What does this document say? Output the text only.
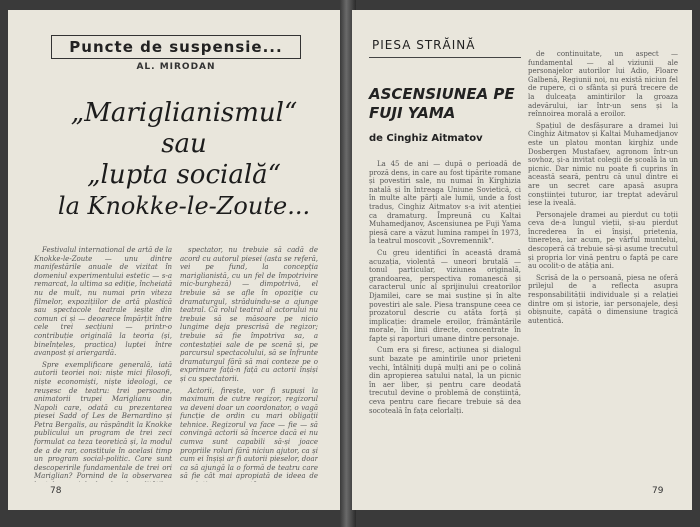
Puncte de suspensie...
AL. MIRODAN
„Mariglianismul“
sau
„lupta socială“
la Knokke-le-Zoute...

Festivalul international de artă de la Knokke-le-Zoute — unu dintre manifestările anuale de vizitat în domeniul experimentului estetic — s-a remarcat, la ultima sa ediție, încheiată nu de mult, nu numai prin viteza filmelor, expozițiilor de artă plastică sau spectacole teatrale ieșite din comun ci și — deoarece împărțit între cele trei secțiuni — printr-o contribuție originală la teoria (și, bineînțeles, practica) luptei între avanpost și ariergardă.

Spre exemplificare generală, iată autorii teoriei noi: niște mici filosofi, niște economiști, niște ideologi, ce reușesc de teatru: trei persoane, animatorii trupei Mariglianu din Napoli care, odată cu prezentarea piesei Sadd of Les de Bernardino și Petra Bergalis, au răspândit la Knokke publicului un program de trei zeci formulat ca teza teoretică și, la modul de a de rar, constituie în acelasi timp un program social-politic. Care sunt descoperirile fundamentale de trei ori Mariglian? Pornind de la observarea

spectator, nu trebuie să cadă de acord cu autorul piesei (asta se referă, vei pe fund, la concepția mariglianistă, cu un fel de împotrivire mic-burgheză) — dimpotrivă, el trebuie să se afle în opoziție cu dramaturgul, străduindu-se a ajunge teatral. Că rolul teatral al actorului nu trebuie să se măsoare pe nicio lungime deja prescrisă de regizor; trebuie să fie împotriva sa, a contestației sale de pe scenă și, pe parcursul spectacolului, să se înfrunte dramaturgul fără să mai conteze pe o exprimare față-n față cu actorii înșiși și cu spectatorii.

Actorii, firește, vor fi supuși la maximum de cutre regizor, regizorul va deveni doar un coordonator, o vagă funcție de ordin cu mari obligații tehnice. Regizorul va face — fie — să convingă actorii să încerce dacă ei nu cumva sunt capabili să-și joace propriile roluri fără niciun ajutor, ca și cum ei înșiși ar fi autorii pieselor, doar ca să ajungă la o formă de teatru care să fie cât mai apropiată de ideea de

78
PIESA STRĂINĂ
ASCENSIUNEA PE FUJI YAMA
de Cinghiz Aitmatov

La 45 de ani — după o perioadă de proză dens, in care au fost tipărite romane și povestiri sale, nu numai în Kirghizia natală și în întreaga Uniune Sovietică, ci în multe alte părți ale lumii, unde a fost tradus, Cinghiz Aitmatov s-a ivit atenției ca dramaturg. Împreună cu Kaltai Muhamedjanov, Ascensiunea pe Fuji Yama piesă care a văzut lumina rampei în 1973, la teatrul moscovit „Sovremennik“.

Cu greu identifici în această dramă acuzația, violentă — uneori brutală — tonul particular, viziunea originală, grandoarea, perspectiva romanescă și caracterul unic al sprijinului creatorilor Djamilei, care se mai susține și în alte povestiri ale sale. Piesa transpune ceea ce prozatorul descrie cu atâta forță și implicație: dramele eroilor, frământările morale, în linii directe, concentrate în fapte și raporturi umane dintre personaje.

Cum era și firesc, acțiunea și dialogul sunt bazate pe amintirile unor prieteni vechi, întâlniți după mulți ani pe o colină din apropierea satului natal, la un picnic în aer liber, și pentru care deodată trecutul devine o problemă de conștiință, ceva pentru care fiecare trebuie să dea socoteală în fața celorlalți.

de continuitate, un aspect — fundamental — al viziunii ale personajelor autorilor lui Adio, Floare Galbenă, Regiunii noi, nu există niciun fel de rupere, ci o sfânta și pură trecere de la dulceața amintirilor la groaza adevărului, iar într-un sens și la reînnoirea morală a eroilor.

Spațiul de desfășurare a dramei lui Cinghiz Aitmatov și Kaltai Muhamedjanov este un platou montan kirghiz unde Dosbergen Mustafaev, agronom într-un sovhoz, și-a invitat colegii de școală la un picnic. Dar nimic nu poate fi cuprins în această seară, pentru că unul dintre ei are un secret care apasă asupra conștiinței tuturor, iar treptat adevărul iese la iveală.

Personajele dramei au pierdut cu toții ceva de-a lungul vieții, și-au pierdut încrederea în ei înșiși, prietenia, tinerețea, iar acum, pe vârful muntelui, descoperă că trebuie să-și asume trecutul și propria lor vină pentru o faptă pe care au ocolit-o de atâția ani.

Scrisă de la o persoană, piesa ne oferă prilejul de a reflecta asupra responsabilității individuale și a relației dintre om și istorie, iar personajele, deși obișnuite, capătă o dimensiune tragică autentică.

79
